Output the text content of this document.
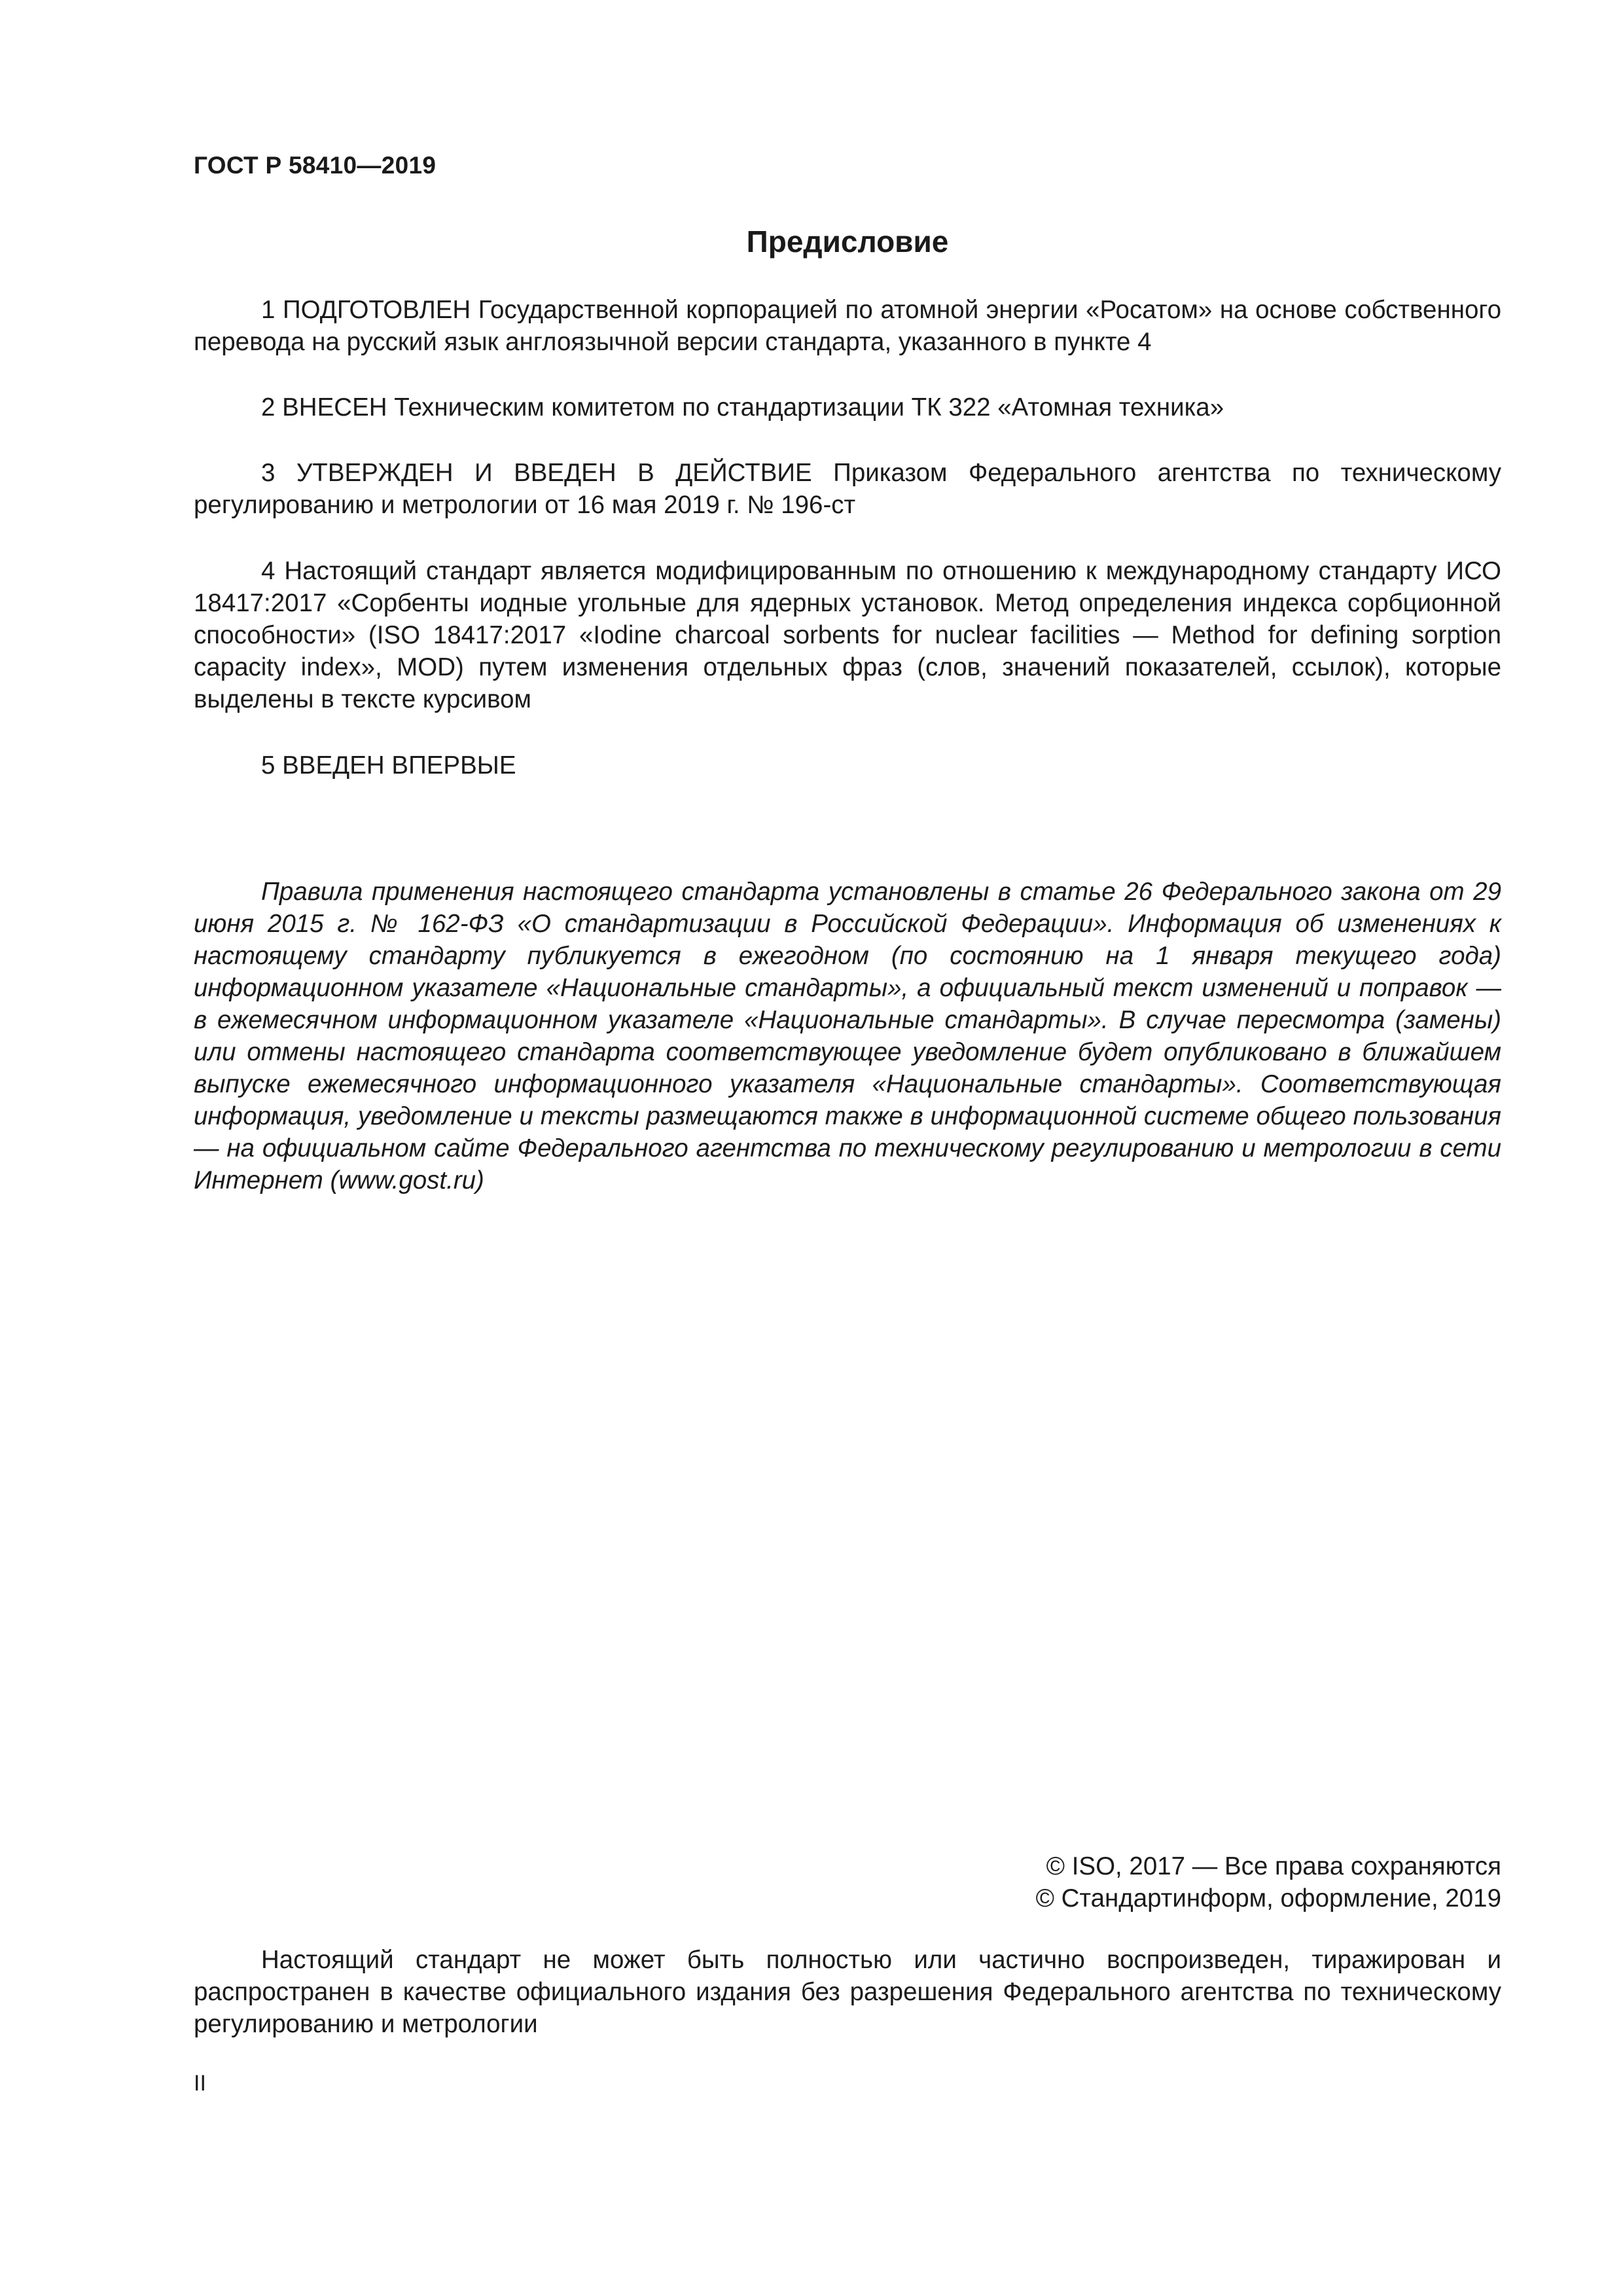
ГОСТ Р 58410—2019

Предисловие

1 ПОДГОТОВЛЕН Государственной корпорацией по атомной энергии «Росатом» на основе собственного перевода на русский язык англоязычной версии стандарта, указанного в пункте 4

2 ВНЕСЕН Техническим комитетом по стандартизации ТК 322 «Атомная техника»

3 УТВЕРЖДЕН И ВВЕДЕН В ДЕЙСТВИЕ Приказом Федерального агентства по техническому регулированию и метрологии от 16 мая 2019 г. № 196-ст

4 Настоящий стандарт является модифицированным по отношению к международному стандарту ИСО 18417:2017 «Сорбенты иодные угольные для ядерных установок. Метод определения индекса сорбционной способности» (ISO 18417:2017 «Iodine charcoal sorbents for nuclear facilities — Method for defining sorption capacity index», MOD) путем изменения отдельных фраз (слов, значений показателей, ссылок), которые выделены в тексте курсивом

5 ВВЕДЕН ВПЕРВЫЕ

Правила применения настоящего стандарта установлены в статье 26 Федерального закона от 29 июня 2015 г. № 162-ФЗ «О стандартизации в Российской Федерации». Информация об изменениях к настоящему стандарту публикуется в ежегодном (по состоянию на 1 января текущего года) информационном указателе «Национальные стандарты», а официальный текст изменений и поправок — в ежемесячном информационном указателе «Национальные стандарты». В случае пересмотра (замены) или отмены настоящего стандарта соответствующее уведомление будет опубликовано в ближайшем выпуске ежемесячного информационного указателя «Национальные стандарты». Соответствующая информация, уведомление и тексты размещаются также в информационной системе общего пользования — на официальном сайте Федерального агентства по техническому регулированию и метрологии в сети Интернет (www.gost.ru)

© ISO, 2017 — Все права сохраняются
© Стандартинформ, оформление, 2019

Настоящий стандарт не может быть полностью или частично воспроизведен, тиражирован и распространен в качестве официального издания без разрешения Федерального агентства по техническому регулированию и метрологии

II
